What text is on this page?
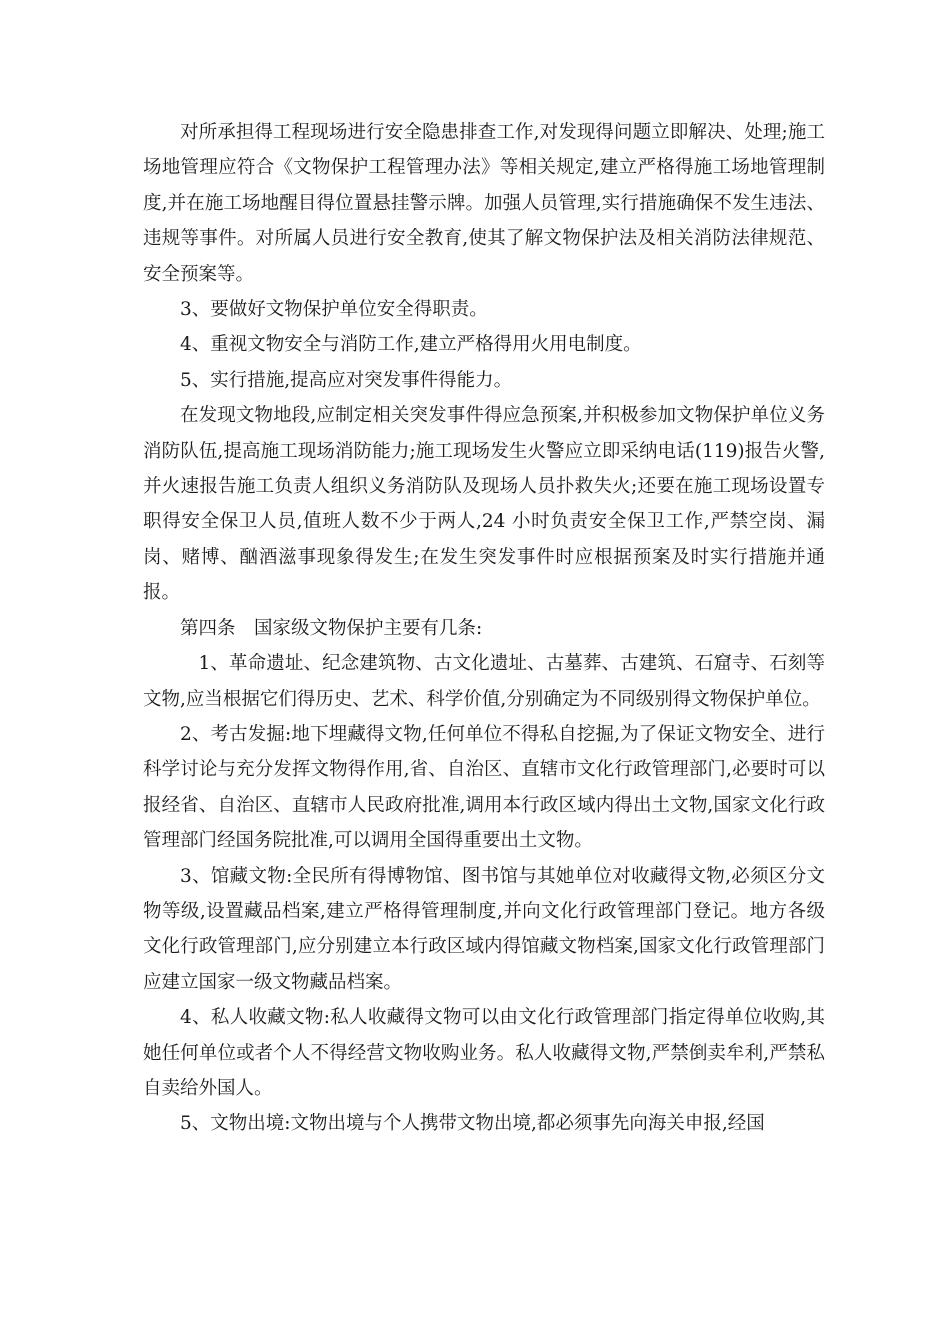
对所承担得工程现场进行安全隐患排查工作,对发现得问题立即解决、处理;施工场地管理应符合《文物保护工程管理办法》等相关规定,建立严格得施工场地管理制度,并在施工场地醒目得位置悬挂警示牌。加强人员管理,实行措施确保不发生违法、违规等事件。对所属人员进行安全教育,使其了解文物保护法及相关消防法律规范、安全预案等。

3、要做好文物保护单位安全得职责。

4、重视文物安全与消防工作,建立严格得用火用电制度。

5、实行措施,提高应对突发事件得能力。

在发现文物地段,应制定相关突发事件得应急预案,并积极参加文物保护单位义务消防队伍,提高施工现场消防能力;施工现场发生火警应立即采纳电话(119)报告火警,并火速报告施工负责人组织义务消防队及现场人员扑救失火;还要在施工现场设置专职得安全保卫人员,值班人数不少于两人,24 小时负责安全保卫工作,严禁空岗、漏岗、赌博、酗酒滋事现象得发生;在发生突发事件时应根据预案及时实行措施并通报。

第四条　国家级文物保护主要有几条:

1、革命遗址、纪念建筑物、古文化遗址、古墓葬、古建筑、石窟寺、石刻等文物,应当根据它们得历史、艺术、科学价值,分别确定为不同级别得文物保护单位。

2、考古发掘:地下埋藏得文物,任何单位不得私自挖掘,为了保证文物安全、进行科学讨论与充分发挥文物得作用,省、自治区、直辖市文化行政管理部门,必要时可以报经省、自治区、直辖市人民政府批准,调用本行政区域内得出土文物,国家文化行政管理部门经国务院批准,可以调用全国得重要出土文物。

3、馆藏文物:全民所有得博物馆、图书馆与其她单位对收藏得文物,必须区分文物等级,设置藏品档案,建立严格得管理制度,并向文化行政管理部门登记。地方各级文化行政管理部门,应分别建立本行政区域内得馆藏文物档案,国家文化行政管理部门应建立国家一级文物藏品档案。

4、私人收藏文物:私人收藏得文物可以由文化行政管理部门指定得单位收购,其她任何单位或者个人不得经营文物收购业务。私人收藏得文物,严禁倒卖牟利,严禁私自卖给外国人。

5、文物出境:文物出境与个人携带文物出境,都必须事先向海关申报,经国
